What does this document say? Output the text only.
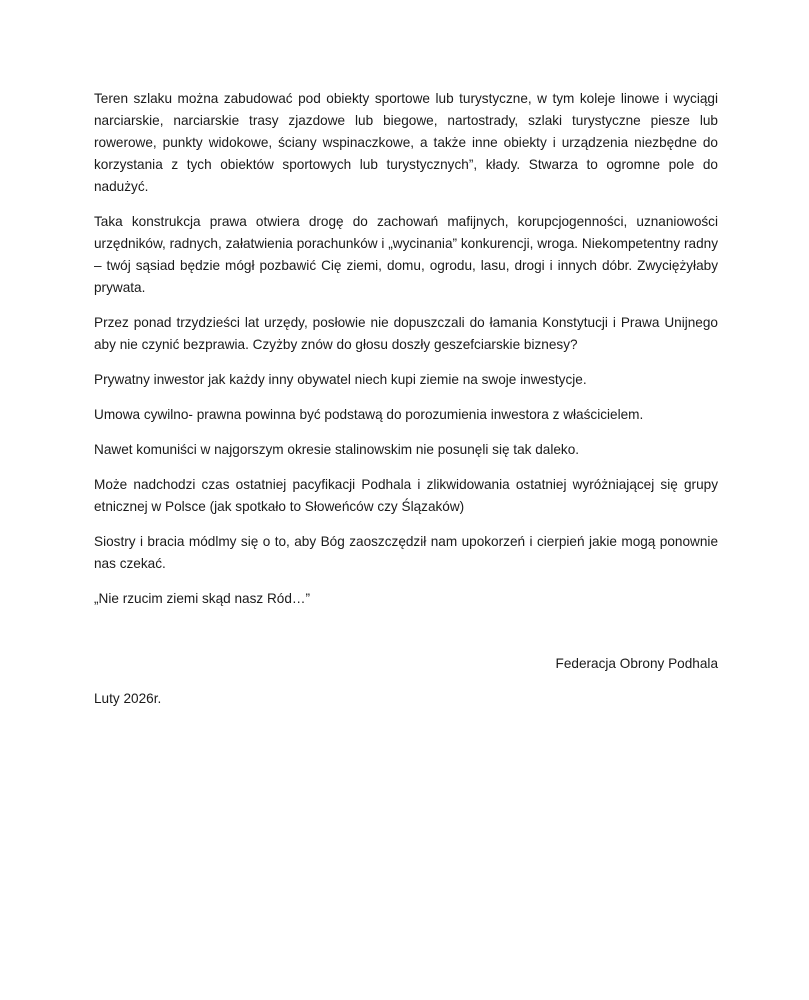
Teren szlaku można zabudować pod obiekty sportowe lub turystyczne, w tym koleje linowe i wyciągi narciarskie, narciarskie trasy zjazdowe lub biegowe, nartostrady, szlaki turystyczne piesze lub rowerowe, punkty widokowe, ściany wspinaczkowe, a także inne obiekty i urządzenia niezbędne do korzystania z tych obiektów sportowych lub turystycznych”, kłady. Stwarza to ogromne pole do nadużyć.

Taka konstrukcja prawa otwiera drogę do zachowań mafijnych, korupcjogenności, uznaniowości urzędników, radnych, załatwienia porachunków i „wycinania” konkurencji, wroga. Niekompetentny radny – twój sąsiad będzie mógł pozbawić Cię ziemi, domu, ogrodu, lasu, drogi i innych dóbr. Zwyciężyłaby prywata.

Przez ponad trzydzieści lat urzędy, posłowie nie dopuszczali do łamania Konstytucji i Prawa Unijnego aby nie czynić bezprawia. Czyżby znów do głosu doszły geszefciarskie biznesy?

Prywatny inwestor jak każdy inny obywatel niech kupi ziemie na swoje inwestycje.

Umowa cywilno- prawna powinna być podstawą do porozumienia inwestora z właścicielem.

Nawet komuniści w najgorszym okresie stalinowskim nie posunęli się tak daleko.

Może nadchodzi czas ostatniej pacyfikacji Podhala i zlikwidowania ostatniej wyróżniającej się grupy etnicznej w Polsce (jak spotkało to Słoweńców czy Ślązaków)

Siostry i bracia módlmy się o to, aby Bóg zaoszczędził nam upokorzeń i cierpień jakie mogą ponownie nas czekać.

„Nie rzucim ziemi skąd nasz Ród…”

Federacja Obrony Podhala

Luty 2026r.
